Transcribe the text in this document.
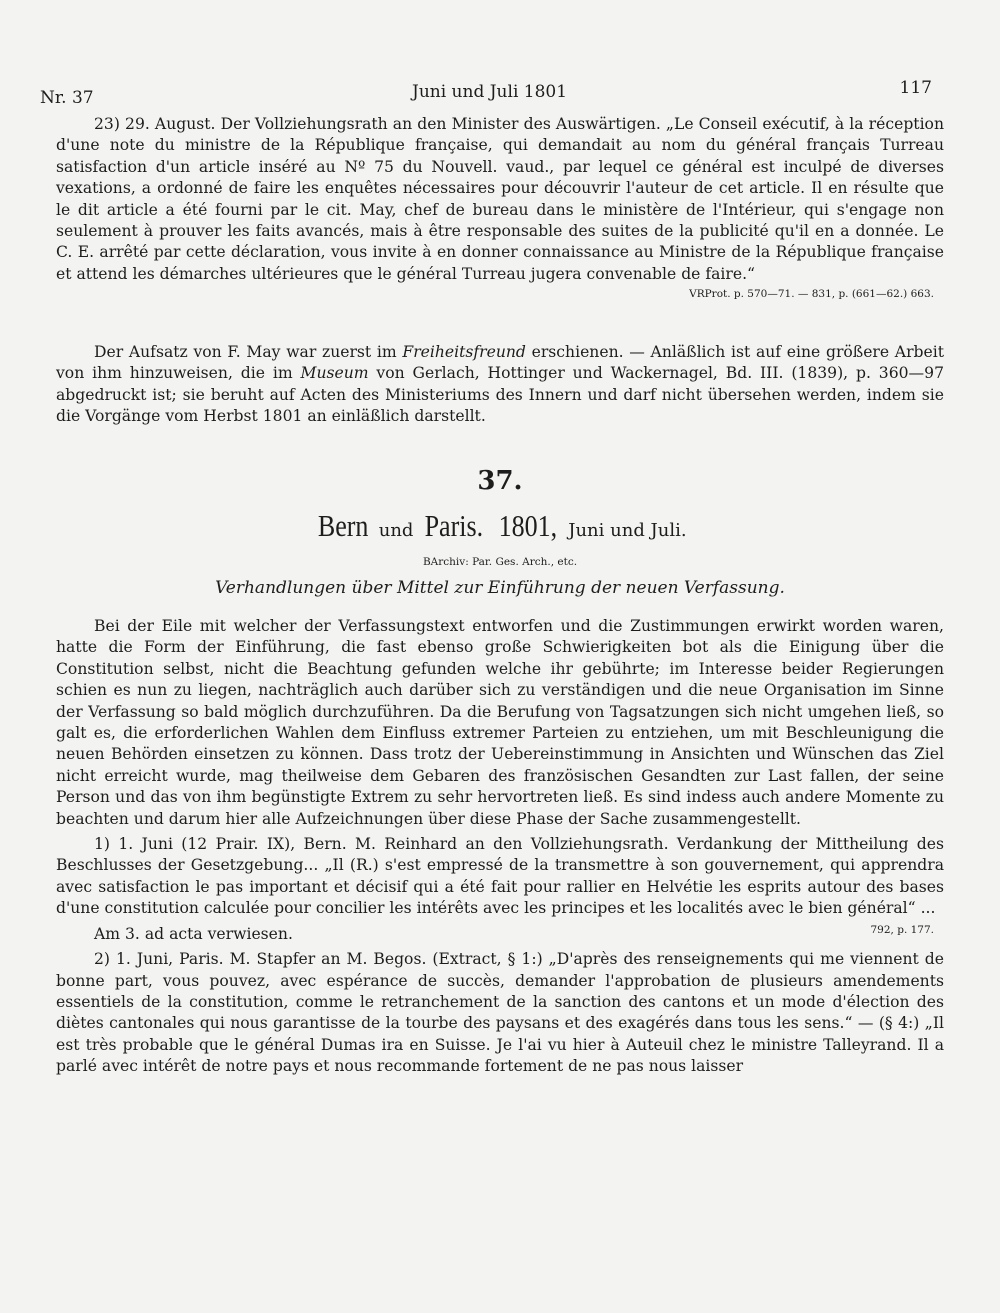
Nr. 37	Juni und Juli 1801	117

23) 29. August. Der Vollziehungsrath an den Minister des Auswärtigen. „Le Conseil exécutif, à la réception d'une note du ministre de la République française, qui demandait au nom du général français Turreau satisfaction d'un article inséré au Nº 75 du Nouvell. vaud., par lequel ce général est inculpé de diverses vexations, a ordonné de faire les enquêtes nécessaires pour découvrir l'auteur de cet article. Il en résulte que le dit article a été fourni par le cit. May, chef de bureau dans le ministère de l'Intérieur, qui s'engage non seulement à prouver les faits avancés, mais à être responsable des suites de la publicité qu'il en a donnée. Le C. E. arrêté par cette déclaration, vous invite à en donner connaissance au Ministre de la République française et attend les démarches ultérieures que le général Turreau jugera convenable de faire.“

VRProt. p. 570—71. — 831, p. (661—62.) 663.

Der Aufsatz von F. May war zuerst im Freiheitsfreund erschienen. — Anläßlich ist auf eine größere Arbeit von ihm hinzuweisen, die im Museum von Gerlach, Hottinger und Wackernagel, Bd. III. (1839), p. 360—97 abgedruckt ist; sie beruht auf Acten des Ministeriums des Innern und darf nicht übersehen werden, indem sie die Vorgänge vom Herbst 1801 an einläßlich darstellt.

37.
Bern und Paris. 1801, Juni und Juli.
BArchiv: Par. Ges. Arch., etc.
Verhandlungen über Mittel zur Einführung der neuen Verfassung.

Bei der Eile mit welcher der Verfassungstext entworfen und die Zustimmungen erwirkt worden waren, hatte die Form der Einführung, die fast ebenso große Schwierigkeiten bot als die Einigung über die Constitution selbst, nicht die Beachtung gefunden welche ihr gebührte; im Interesse beider Regierungen schien es nun zu liegen, nachträglich auch darüber sich zu verständigen und die neue Organisation im Sinne der Verfassung so bald möglich durchzuführen. Da die Berufung von Tagsatzungen sich nicht umgehen ließ, so galt es, die erforderlichen Wahlen dem Einfluss extremer Parteien zu entziehen, um mit Beschleunigung die neuen Behörden einsetzen zu können. Dass trotz der Uebereinstimmung in Ansichten und Wünschen das Ziel nicht erreicht wurde, mag theilweise dem Gebaren des französischen Gesandten zur Last fallen, der seine Person und das von ihm begünstigte Extrem zu sehr hervortreten ließ. Es sind indess auch andere Momente zu beachten und darum hier alle Aufzeichnungen über diese Phase der Sache zusammengestellt.

1) 1. Juni (12 Prair. IX), Bern. M. Reinhard an den Vollziehungsrath. Verdankung der Mittheilung des Beschlusses der Gesetzgebung... „Il (R.) s'est empressé de la transmettre à son gouvernement, qui apprendra avec satisfaction le pas important et décisif qui a été fait pour rallier en Helvétie les esprits autour des bases d'une constitution calculée pour concilier les intérêts avec les principes et les localités avec le bien général“ ...
792, p. 177.

Am 3. ad acta verwiesen.

2) 1. Juni, Paris. M. Stapfer an M. Begos. (Extract, § 1:) „D'après des renseignements qui me viennent de bonne part, vous pouvez, avec espérance de succès, demander l'approbation de plusieurs amendements essentiels de la constitution, comme le retranchement de la sanction des cantons et un mode d'élection des diètes cantonales qui nous garantisse de la tourbe des paysans et des exagérés dans tous les sens.“ — (§ 4:) „Il est très probable que le général Dumas ira en Suisse. Je l'ai vu hier à Auteuil chez le ministre Talleyrand. Il a parlé avec intérêt de notre pays et nous recommande fortement de ne pas nous laisser
